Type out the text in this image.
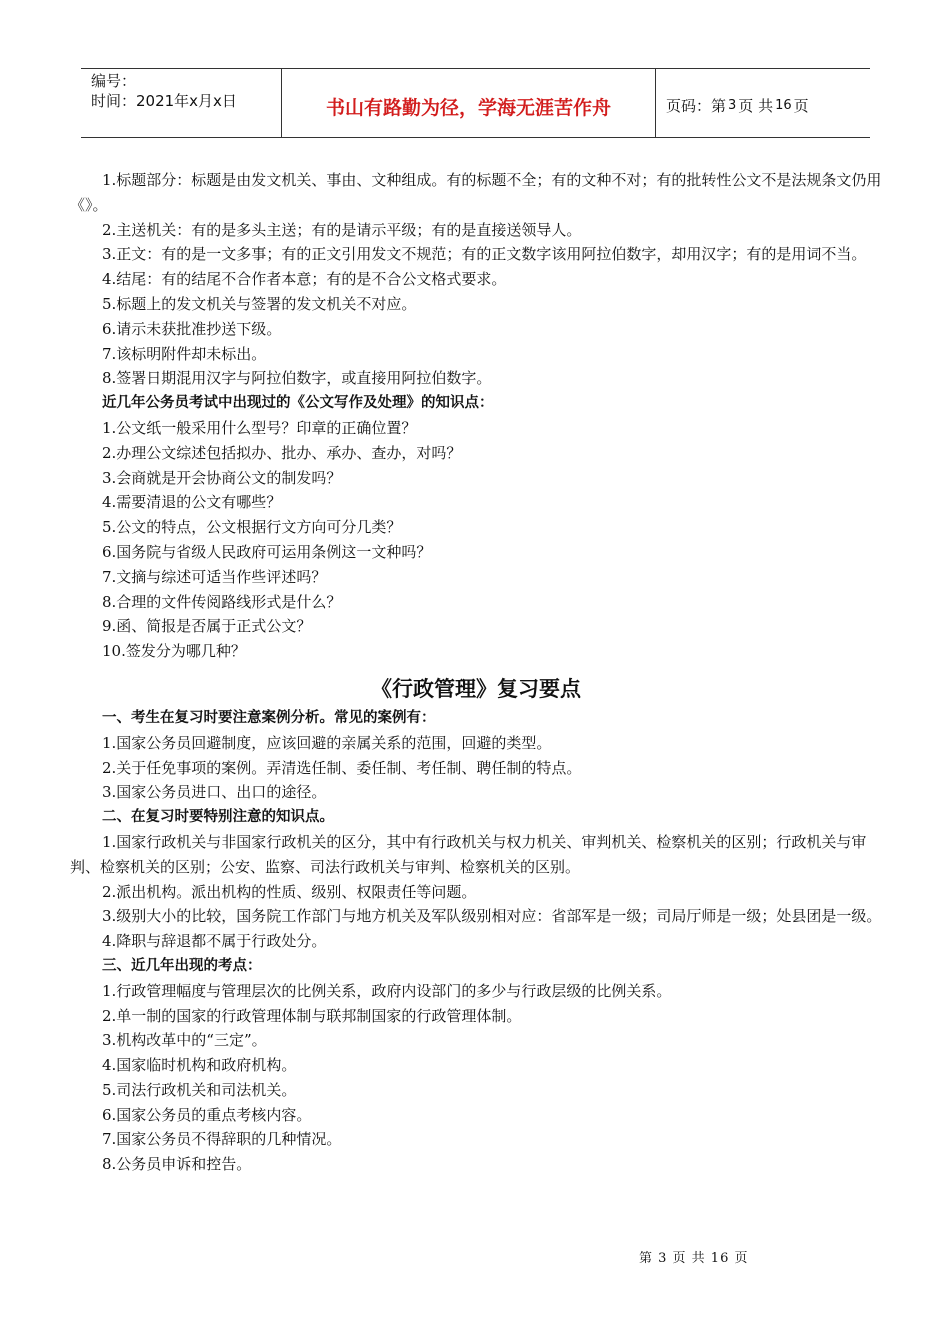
编号：
时间：2021年x月x日	书山有路勤为径，学海无涯苦作舟	页码：第 3 页 共 16 页

1.标题部分：标题是由发文机关、事由、文种组成。有的标题不全；有的文种不对；有的批转性公文不是法规条文仍用《》。

2.主送机关：有的是多头主送；有的是请示平级；有的是直接送领导人。

3.正文：有的是一文多事；有的正文引用发文不规范；有的正文数字该用阿拉伯数字，却用汉字；有的是用词不当。

4.结尾：有的结尾不合作者本意；有的是不合公文格式要求。

5.标题上的发文机关与签署的发文机关不对应。

6.请示未获批准抄送下级。

7.该标明附件却未标出。

8.签署日期混用汉字与阿拉伯数字，或直接用阿拉伯数字。

近几年公务员考试中出现过的《公文写作及处理》的知识点：

1.公文纸一般采用什么型号？印章的正确位置？

2.办理公文综述包括拟办、批办、承办、查办，对吗？

3.会商就是开会协商公文的制发吗？

4.需要清退的公文有哪些？

5.公文的特点，公文根据行文方向可分几类？

6.国务院与省级人民政府可运用条例这一文种吗？

7.文摘与综述可适当作些评述吗？

8.合理的文件传阅路线形式是什么？

9.函、简报是否属于正式公文？

10.签发分为哪几种？

《行政管理》复习要点

一、考生在复习时要注意案例分析。常见的案例有：

1.国家公务员回避制度，应该回避的亲属关系的范围，回避的类型。

2.关于任免事项的案例。弄清选任制、委任制、考任制、聘任制的特点。

3.国家公务员进口、出口的途径。

二、在复习时要特别注意的知识点。

1.国家行政机关与非国家行政机关的区分，其中有行政机关与权力机关、审判机关、检察机关的区别；行政机关与审判、检察机关的区别；公安、监察、司法行政机关与审判、检察机关的区别。

2.派出机构。派出机构的性质、级别、权限责任等问题。

3.级别大小的比较，国务院工作部门与地方机关及军队级别相对应：省部军是一级；司局厅师是一级；处县团是一级。

4.降职与辞退都不属于行政处分。

三、近几年出现的考点：

1.行政管理幅度与管理层次的比例关系，政府内设部门的多少与行政层级的比例关系。

2.单一制的国家的行政管理体制与联邦制国家的行政管理体制。

3.机构改革中的“三定”。

4.国家临时机构和政府机构。

5.司法行政机关和司法机关。

6.国家公务员的重点考核内容。

7.国家公务员不得辞职的几种情况。

8.公务员申诉和控告。

第 3 页 共 16 页
